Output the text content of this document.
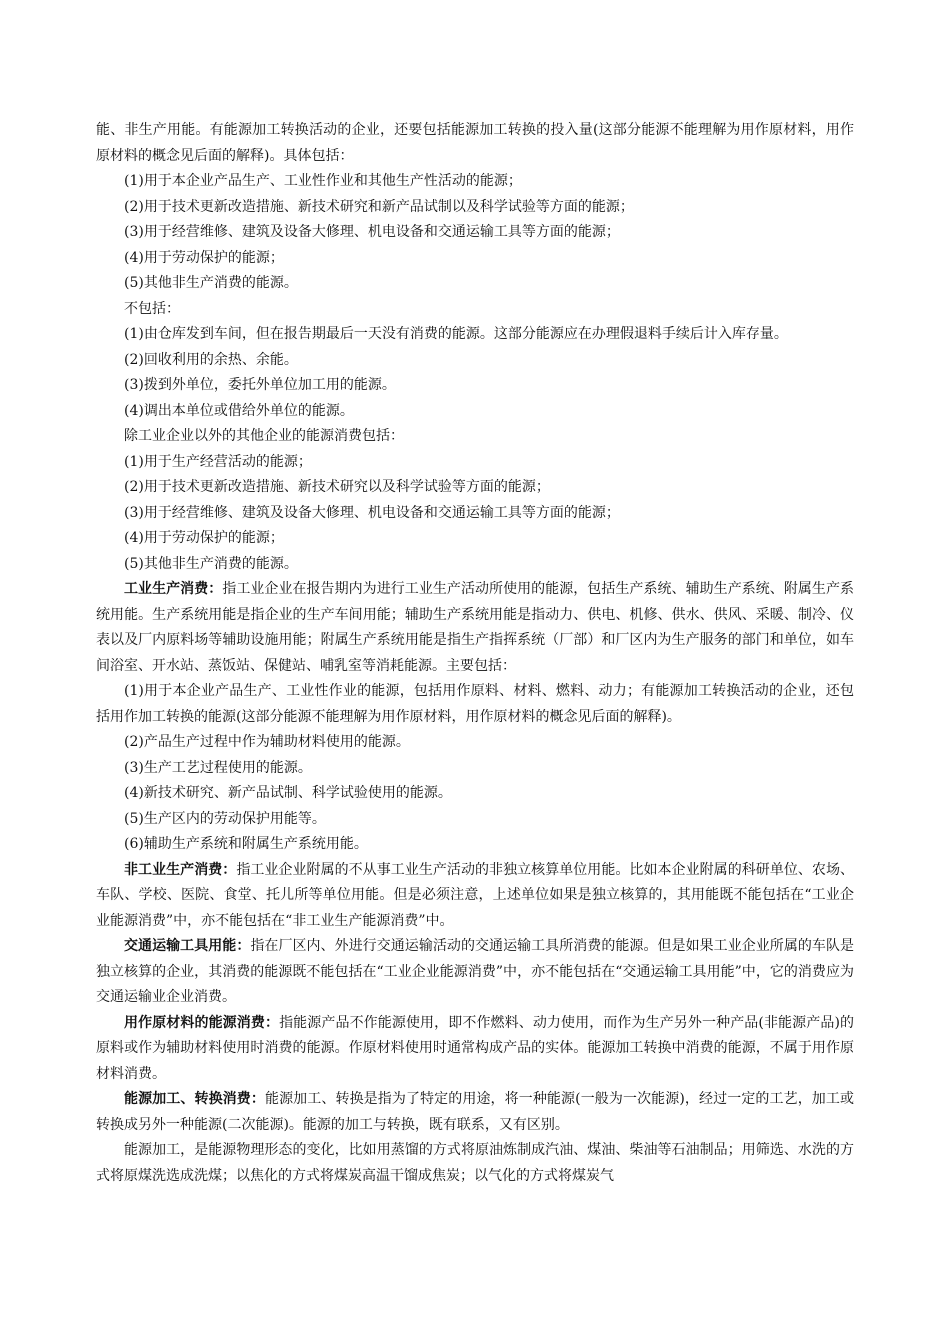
能、非生产用能。有能源加工转换活动的企业，还要包括能源加工转换的投入量(这部分能源不能理解为用作原材料，用作原材料的概念见后面的解释)。具体包括：

(1)用于本企业产品生产、工业性作业和其他生产性活动的能源；

(2)用于技术更新改造措施、新技术研究和新产品试制以及科学试验等方面的能源；

(3)用于经营维修、建筑及设备大修理、机电设备和交通运输工具等方面的能源；

(4)用于劳动保护的能源；

(5)其他非生产消费的能源。

不包括：

(1)由仓库发到车间，但在报告期最后一天没有消费的能源。这部分能源应在办理假退料手续后计入库存量。

(2)回收利用的余热、余能。

(3)拨到外单位，委托外单位加工用的能源。

(4)调出本单位或借给外单位的能源。

除工业企业以外的其他企业的能源消费包括：

(1)用于生产经营活动的能源；

(2)用于技术更新改造措施、新技术研究以及科学试验等方面的能源；

(3)用于经营维修、建筑及设备大修理、机电设备和交通运输工具等方面的能源；

(4)用于劳动保护的能源；

(5)其他非生产消费的能源。

工业生产消费：指工业企业在报告期内为进行工业生产活动所使用的能源，包括生产系统、辅助生产系统、附属生产系统用能。生产系统用能是指企业的生产车间用能；辅助生产系统用能是指动力、供电、机修、供水、供风、采暖、制冷、仪表以及厂内原料场等辅助设施用能；附属生产系统用能是指生产指挥系统（厂部）和厂区内为生产服务的部门和单位，如车间浴室、开水站、蒸饭站、保健站、哺乳室等消耗能源。主要包括：

(1)用于本企业产品生产、工业性作业的能源，包括用作原料、材料、燃料、动力；有能源加工转换活动的企业，还包括用作加工转换的能源(这部分能源不能理解为用作原材料，用作原材料的概念见后面的解释)。

(2)产品生产过程中作为辅助材料使用的能源。

(3)生产工艺过程使用的能源。

(4)新技术研究、新产品试制、科学试验使用的能源。

(5)生产区内的劳动保护用能等。

(6)辅助生产系统和附属生产系统用能。

非工业生产消费：指工业企业附属的不从事工业生产活动的非独立核算单位用能。比如本企业附属的科研单位、农场、车队、学校、医院、食堂、托儿所等单位用能。但是必须注意，上述单位如果是独立核算的，其用能既不能包括在“工业企业能源消费”中，亦不能包括在“非工业生产能源消费”中。

交通运输工具用能：指在厂区内、外进行交通运输活动的交通运输工具所消费的能源。但是如果工业企业所属的车队是独立核算的企业，其消费的能源既不能包括在“工业企业能源消费”中，亦不能包括在“交通运输工具用能”中，它的消费应为交通运输业企业消费。

用作原材料的能源消费：指能源产品不作能源使用，即不作燃料、动力使用，而作为生产另外一种产品(非能源产品)的原料或作为辅助材料使用时消费的能源。作原材料使用时通常构成产品的实体。能源加工转换中消费的能源，不属于用作原材料消费。

能源加工、转换消费：能源加工、转换是指为了特定的用途，将一种能源(一般为一次能源)，经过一定的工艺，加工或转换成另外一种能源(二次能源)。能源的加工与转换，既有联系，又有区别。

能源加工，是能源物理形态的变化，比如用蒸馏的方式将原油炼制成汽油、煤油、柴油等石油制品；用筛选、水洗的方式将原煤洗选成洗煤；以焦化的方式将煤炭高温干馏成焦炭；以气化的方式将煤炭气
